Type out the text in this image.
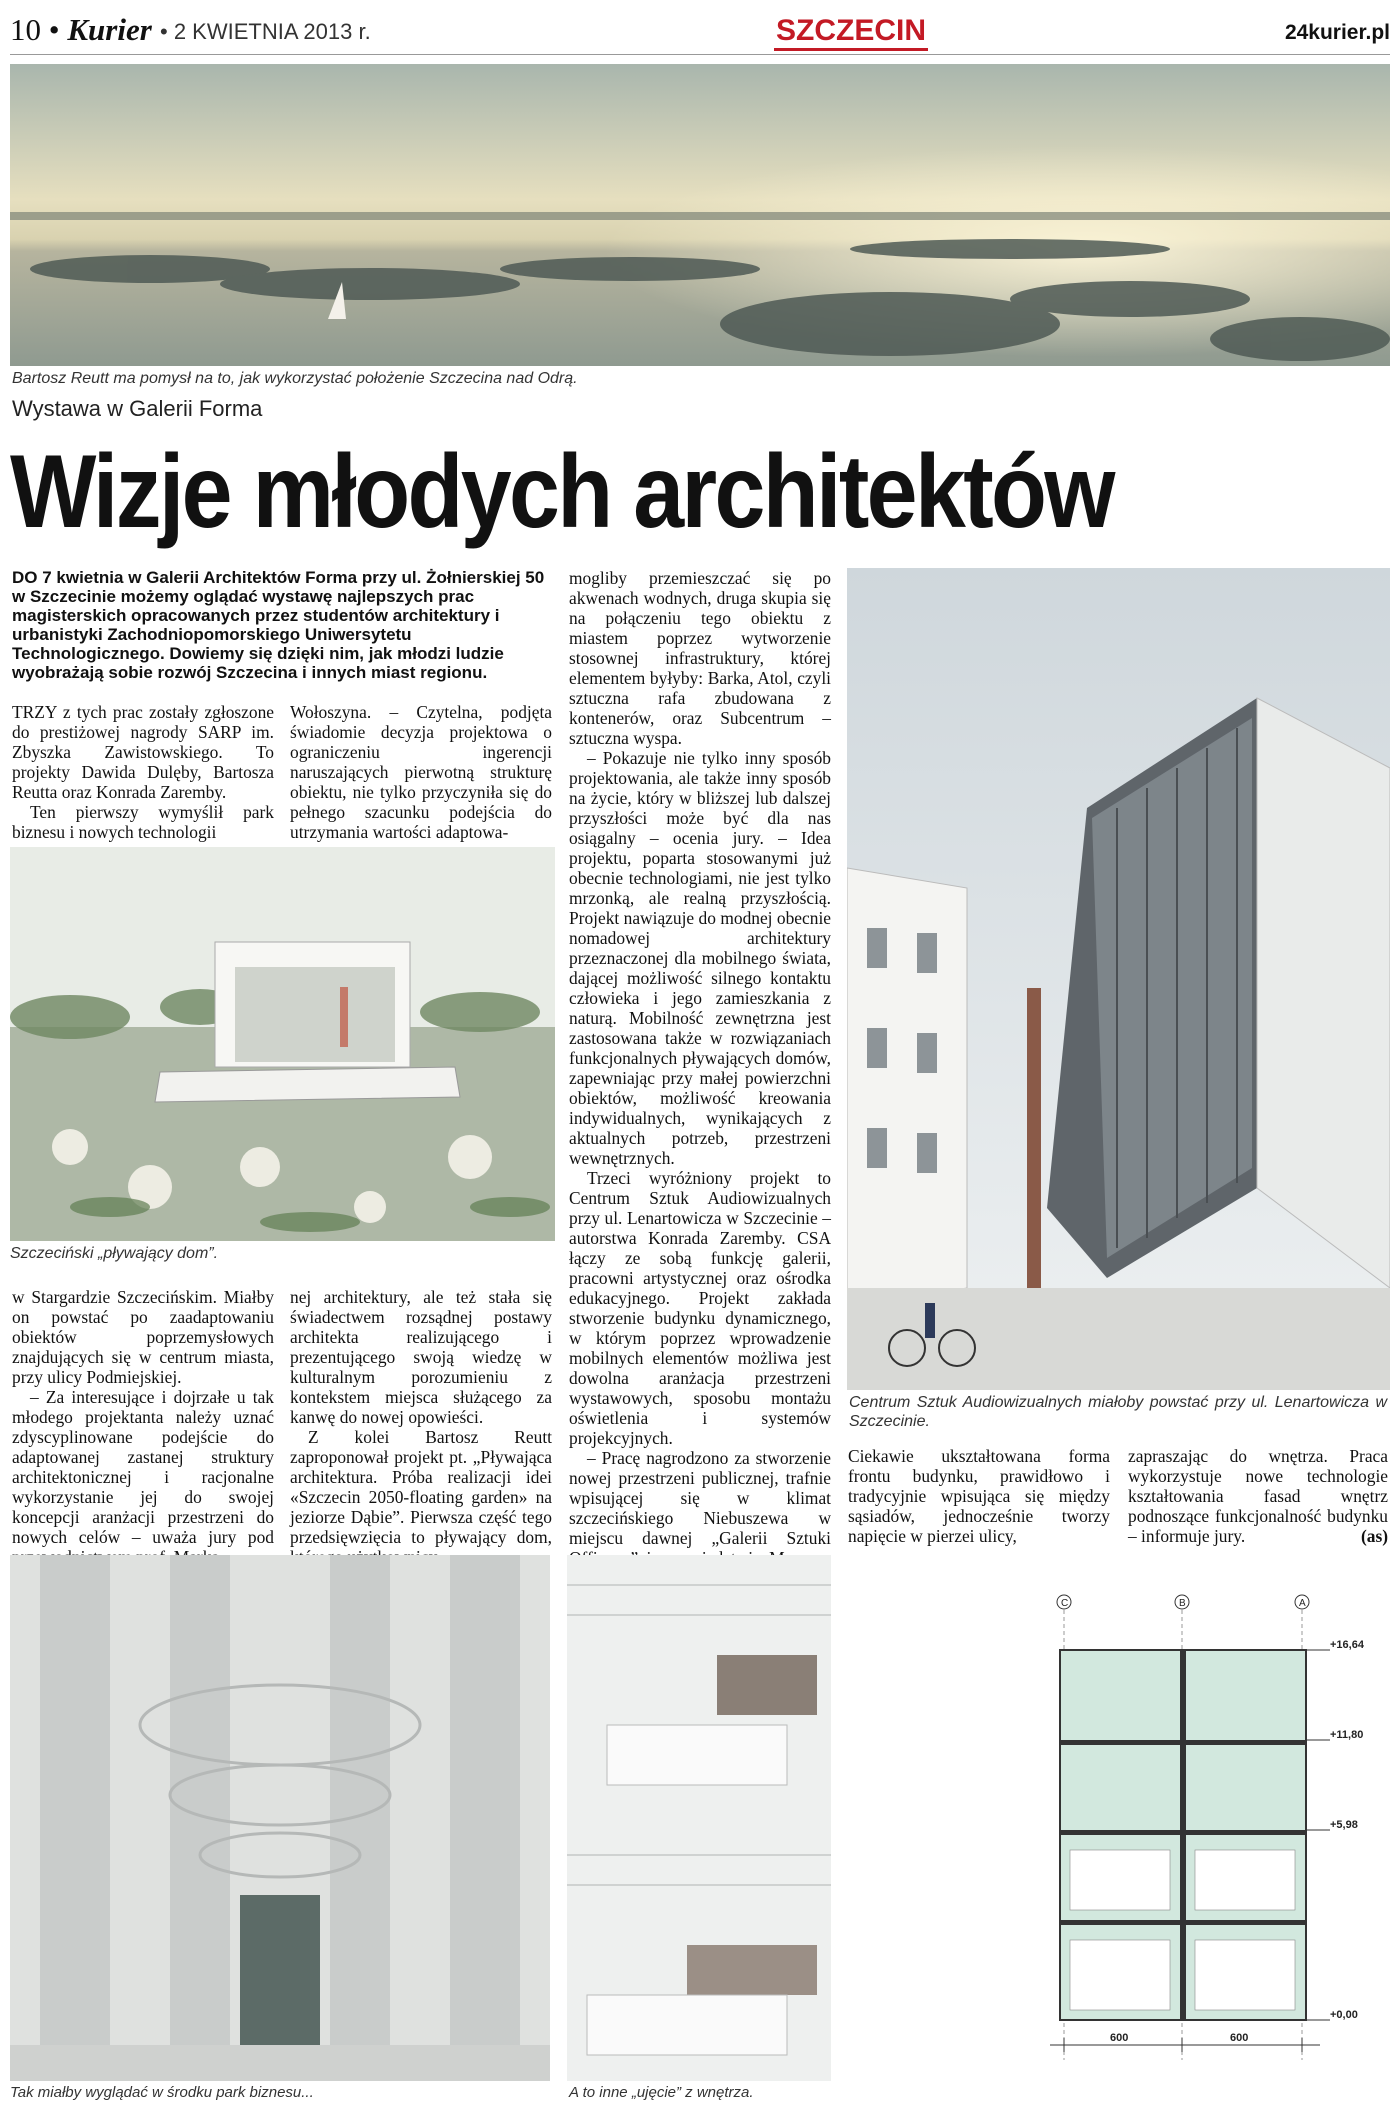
10 • Kurier • 2 KWIETNIA 2013 r.	SZCZECIN	24kurier.pl
Bartosz Reutt ma pomysł na to, jak wykorzystać położenie Szczecina nad Odrą.
Wystawa w Galerii Forma
Wizje młodych architektów
DO 7 kwietnia w Galerii Architektów Forma przy ul. Żołnierskiej 50 w Szczecinie możemy oglądać wystawę najlepszych prac magisterskich opracowanych przez studentów architektury i urbanistyki Zachodniopomorskiego Uniwersytetu Technologicznego. Dowiemy się dzięki nim, jak młodzi ludzie wyobrażają sobie rozwój Szczecina i innych miast regionu.

TRZY z tych prac zostały zgłoszone do prestiżowej nagrody SARP im. Zbyszka Zawistowskiego. To projekty Dawida Dulęby, Bartosza Reutta oraz Konrada Zaremby.

Ten pierwszy wymyślił park biznesu i nowych technologii

Wołoszyna. – Czytelna, podjęta świadomie decyzja projektowa o ograniczeniu ingerencji naruszających pierwotną strukturę obiektu, nie tylko przyczyniła się do pełnego szacunku podejścia do utrzymania wartości adaptowa-

Szczeciński „pływający dom”.

w Stargardzie Szczecińskim. Miałby on powstać po zaadaptowaniu obiektów poprzemysłowych znajdujących się w centrum miasta, przy ulicy Podmiejskiej.

– Za interesujące i dojrzałe u tak młodego projektanta należy uznać zdyscyplinowane podejście do adaptowanej zastanej struktury architektonicznej i racjonalne wykorzystanie jej do swojej koncepcji aranżacji przestrzeni do nowych celów – uważa jury pod

nej architektury, ale też stała się świadectwem rozsądnej postawy architekta realizującego i prezentującego swoją wiedzę w kulturalnym porozumieniu z kontekstem miejsca służącego za kanwę do nowej opowieści.

Z kolei Bartosz Reutt zaproponował projekt pt. „Pływająca architektura. Próba realizacji idei «Szczecin 2050-floating garden» na jeziorze Dąbie”. Pierwsza część tego przedsięwzięcia to pływający dom,

mogliby przemieszczać się po akwenach wodnych, druga skupia się na połączeniu tego obiektu z miastem poprzez wytworzenie stosownej infrastruktury, której elementem byłyby: Barka, Atol, czyli sztuczna rafa zbudowana z kontenerów, oraz Subcentrum – sztuczna wyspa.

– Pokazuje nie tylko inny sposób projektowania, ale także inny sposób na życie, który w bliższej lub dalszej przyszłości może być dla nas osiągalny – ocenia jury. – Idea projektu, poparta stosowanymi już obecnie technologiami, nie jest tylko mrzonką, ale realną przyszłością. Projekt nawiązuje do modnej obecnie nomadowej architektury przeznaczonej dla mobilnego świata, dającej możliwość silnego kontaktu człowieka i jego zamieszkania z naturą. Mobilność zewnętrzna jest zastosowana także w rozwiązaniach funkcjonalnych pływających domów, zapewniając przy małej powierzchni obiektów, możliwość kreowania indywidualnych, wynikających z aktualnych potrzeb, przestrzeni wewnętrznych.

Trzeci wyróżniony projekt to Centrum Sztuk Audiowizualnych przy ul. Lenartowicza w Szczecinie – autorstwa Konrada Zaremby. CSA łączy ze sobą funkcję galerii, pracowni artystycznej oraz ośrodka edukacyjnego. Projekt zakłada stworzenie budynku dynamicznego, w którym poprzez wprowadzenie mobilnych elementów możliwa jest dowolna aranżacja przestrzeni wystawowych, sposobu montażu oświetlenia i systemów projekcyjnych.

– Pracę nagrodzono za stworzenie nowej przestrzeni publicznej, trafnie wpisującej się w klimat szczecińskiego Niebuszewa w miejscu dawnej „Galerii Sztuki

Centrum Sztuk Audiowizualnych miałoby powstać przy ul. Lenartowicza w Szczecinie.

Ciekawie ukształtowana forma frontu budynku, prawidłowo i tradycyjnie wpisująca się między sąsiadów, jednocześnie tworzy napięcie w pierzei ulicy,

zapraszając do wnętrza. Praca wykorzystuje nowe technologie kształtowania fasad wnętrz podnoszące funkcjonalność budynku – informuje jury.	(as)

Tak miałby wyglądać w środku park biznesu...	A to inne „ujęcie” z wnętrza.
C	B	A
+16,64
+11,80
+5,98
+0,00
600	600
